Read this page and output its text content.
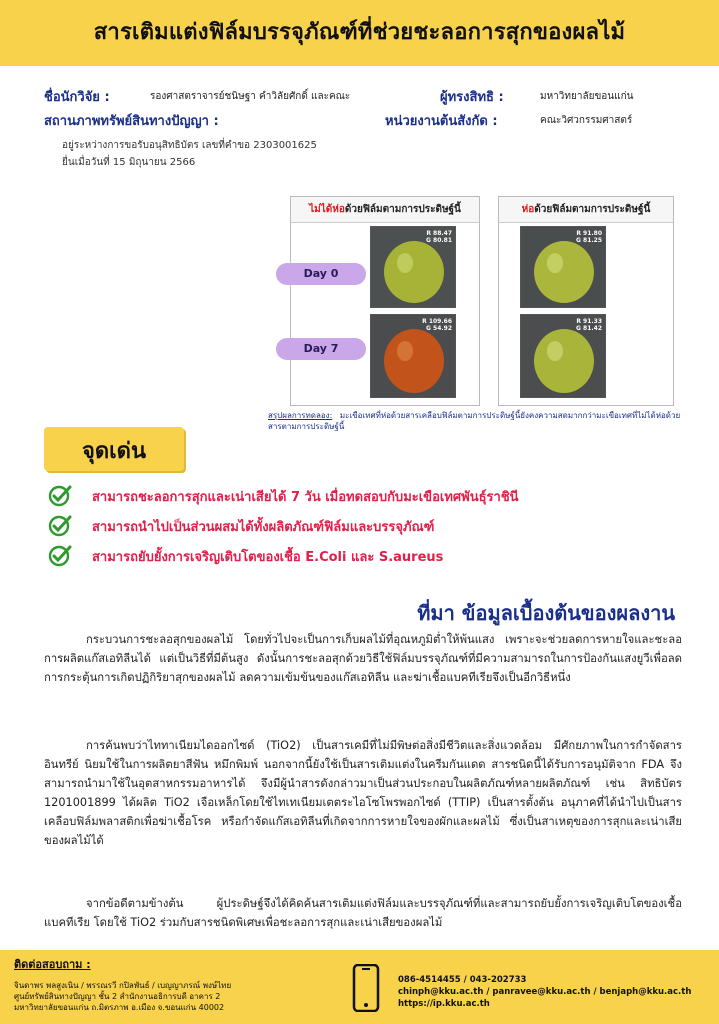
สารเติมแต่งฟิล์มบรรจุภัณฑ์ที่ช่วยชะลอการสุกของผลไม้
ชื่อนักวิจัย :	รองศาสตราจารย์ชนิษฐา คำวิลัยศักดิ์ และคณะ	ผู้ทรงสิทธิ :	มหาวิทยาลัยขอนแก่น
สถานภาพทรัพย์สินทางปัญญา :	หน่วยงานต้นสังกัด :	คณะวิศวกรรมศาสตร์
อยู่ระหว่างการขอรับอนุสิทธิบัตร เลขที่คำขอ 2303001625
ยื่นเมื่อวันที่ 15 มิถุนายน 2566
ไม่ได้ห่อด้วยฟิล์มตามการประดิษฐ์นี้	ห่อด้วยฟิล์มตามการประดิษฐ์นี้
R 88.47
G 80.81
R 91.80
G 81.25
R 109.66
G 54.92
R 91.33
G 81.42
Day 0
Day 7
สรุปผลการทดลอง: มะเขือเทศที่ห่อด้วยสารเคลือบฟิล์มตามการประดิษฐ์นี้ยังคงความสดมากกว่ามะเขือเทศที่ไม่ได้ห่อด้วยสารตามการประดิษฐ์นี้
จุดเด่น
สามารถชะลอการสุกและเน่าเสียได้ 7 วัน เมื่อทดสอบกับมะเขือเทศพันธุ์ราชินี
สามารถนำไปเป็นส่วนผสมได้ทั้งผลิตภัณฑ์ฟิล์มและบรรจุภัณฑ์
สามารถยับยั้งการเจริญเติบโตของเชื้อ E.Coli และ S.aureus
ที่มา ข้อมูลเบื้องต้นของผลงาน
กระบวนการชะลอสุกของผลไม้ โดยทั่วไปจะเป็นการเก็บผลไม้ที่อุณหภูมิต่ำให้พ้นแสง เพราะจะช่วยลดการหายใจและชะลอการผลิตแก๊สเอทิลีนได้ แต่เป็นวิธีที่มีต้นสูง ดังนั้นการชะลอสุกด้วยวิธีใช้ฟิล์มบรรจุภัณฑ์ที่มีความสามารถในการป้องกันแสงยูวีเพื่อลดการกระตุ้นการเกิดปฏิกิริยาสุกของผลไม้ ลดความเข้มข้นของแก๊สเอทิลีน และฆ่าเชื้อแบคทีเรียจึงเป็นอีกวิธีหนึ่ง
การค้นพบว่าไททาเนียมไดออกไซด์ (TiO2) เป็นสารเคมีที่ไม่มีพิษต่อสิ่งมีชีวิตและสิ่งแวดล้อม มีศักยภาพในการกำจัดสารอินทรีย์ นิยมใช้ในการผลิตยาสีฟัน หมึกพิมพ์ นอกจากนี้ยังใช้เป็นสารเติมแต่งในครีมกันแดด สารชนิดนี้ได้รับการอนุมัติจาก FDA จึงสามารถนำมาใช้ในอุตสาหกรรมอาหารได้ จึงมีผู้นำสารดังกล่าวมาเป็นส่วนประกอบในผลิตภัณฑ์หลายผลิตภัณฑ์ เช่น สิทธิบัตร 1201001899 ได้ผลิต TiO2 เจือเหล็กโดยใช้ไทเทเนียมเตตระไอโซโพรพอกไซด์ (TTIP) เป็นสารตั้งต้น อนุภาคที่ได้นำไปเป็นสารเคลือบฟิล์มพลาสติกเพื่อฆ่าเชื้อโรค หรือกำจัดแก๊สเอทิลีนที่เกิดจากการหายใจของผักและผลไม้ ซึ่งเป็นสาเหตุของการสุกและเน่าเสียของผลไม้ได้
จากข้อดีตามข้างต้น ผู้ประดิษฐ์จึงได้คิดค้นสารเติมแต่งฟิล์มและบรรจุภัณฑ์ที่และสามารถยับยั้งการเจริญเติบโตของเชื้อแบคทีเรีย โดยใช้ TiO2 ร่วมกับสารชนิดพิเศษเพื่อชะลอการสุกและเน่าเสียของผลไม้
ติดต่อสอบถาม :
จินดาพร พลสูงเนิน / พรรณรวี กปิลพันธ์ / เบญญาภรณ์ พงษ์ไทย
ศูนย์ทรัพย์สินทางปัญญา ชั้น 2 สำนักงานอธิการบดี อาคาร 2
มหาวิทยาลัยขอนแก่น ถ.มิตรภาพ อ.เมือง จ.ขอนแก่น 40002
086-4514455 / 043-202733
chinph@kku.ac.th / panravee@kku.ac.th / benjaph@kku.ac.th
https://ip.kku.ac.th
